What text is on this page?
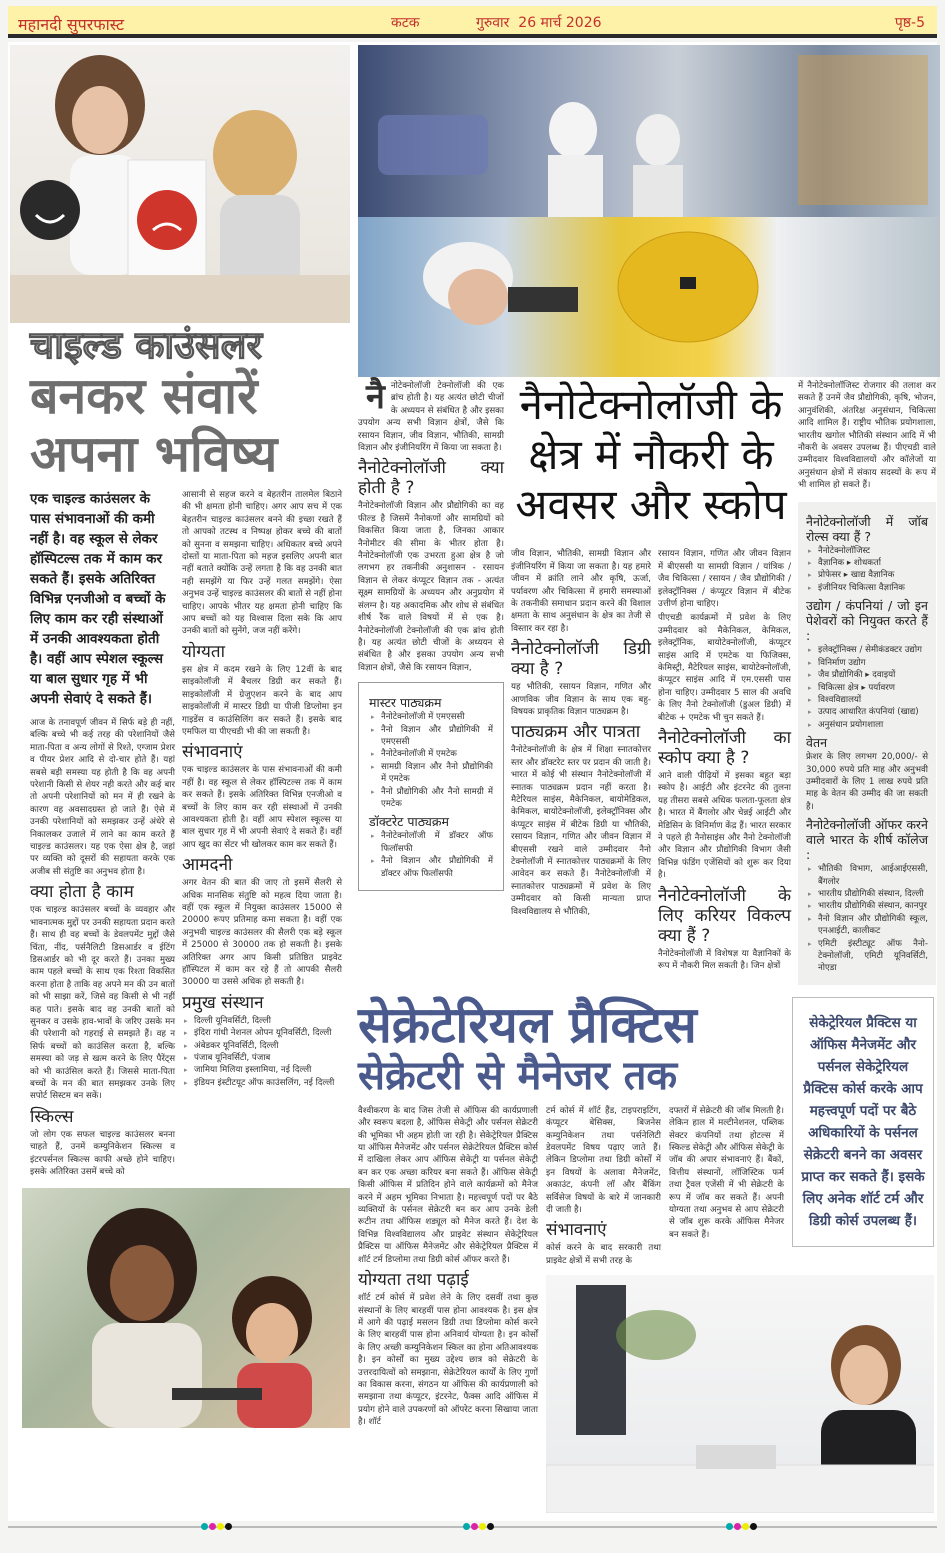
महानदी सुपरफास्ट	कटक	गुरुवार  26 मार्च 2026	पृष्ठ-5
चाइल्ड काउंसलर
बनकर संवारें
अपना भविष्य
एक चाइल्ड काउंसलर के पास संभावनाओं की कमी नहीं है। वह स्कूल से लेकर हॉस्पिटल्स तक में काम कर सकते हैं। इसके अतिरिक्त विभिन्न एनजीओ व बच्चों के लिए काम कर रही संस्थाओं में उनकी आवश्यकता होती है। वहीं आप स्पेशल स्कूल्स या बाल सुधार गृह में भी अपनी सेवाएं दे सकते हैं।

आज के तनावपूर्ण जीवन में सिर्फ बड़े ही नहीं, बल्कि बच्चे भी कई तरह की परेशानियों जैसे माता-पिता व अन्य लोगों से रिश्ते, एग्जाम प्रेशर व पीयर प्रेशर आदि से दो-चार होते हैं। यहां सबसे बड़ी समस्या यह होती है कि वह अपनी परेशानी किसी से शेयर नही करते और कई बार तो अपनी परेशानियों को मन में ही रखने के कारण वह अवसादग्रस्त हो जाते हैं। ऐसे में उनकी परेशानियों को समझकर उन्हें अंधेरे से निकालकर उजाले में लाने का काम करते हैं चाइल्ड काउंसलर। यह एक ऐसा क्षेत्र है, जहां पर व्यक्ति को दूसरों की सहायता करके एक अजीब सी संतुष्टि का अनुभव होता है।

क्या होता है काम

एक चाइल्ड काउंसलर बच्चों के व्यवहार और भावनात्मक मुद्दों पर उनकी सहायता प्रदान करते हैं। साथ ही वह बच्चों के डेवलपमेंट मुद्दों जैसे चिंता, नींद, पर्सनैलिटी डिसआर्डर व ईटिंग डिसआर्डर को भी दूर करते हैं। उनका मुख्य काम पहले बच्चों के साथ एक रिश्ता विकसित करना होता है ताकि वह अपने मन की उन बातों को भी साझा करें, जिसे वह किसी से भी नहीं कह पाते। इसके बाद वह उनकी बातों को सुनकर व उसके हाव-भावों के जरिए उसके मन की परेशानी को गहराई से समझते हैं। वह न सिर्फ बच्चों को काउंसिल करता है, बल्कि समस्या को जड़ से खत्म करने के लिए पैरेंट्स को भी काउंसिल करते हैं। जिससे माता-पिता बच्चों के मन की बात समझकर उनके लिए सपोर्ट सिस्टम बन सकें।

स्किल्स

जो लोग एक सफल चाइल्ड काउंसलर बनना चाहते हैं, उनमें कम्युनिकेशन स्किल्स व इंटरपर्सनल स्किल्स काफी अच्छे होने चाहिए। इसके अतिरिक्त उसमें बच्चे को

आसानी से सहज करने व बेहतरीन तालमेल बिठाने की भी क्षमता होनी चाहिए। अगर आप सच में एक बेहतरीन चाइल्ड काउंसलर बनने की इच्छा रखते हैं तो आपको तटस्थ व निष्पक्ष होकर बच्चे की बातों को सुनना व समझना चाहिए। अधिकतर बच्चे अपने दोस्तों या माता-पिता को महज इसलिए अपनी बात नहीं बताते क्योंकि उन्हें लगता है कि वह उनकी बात नही समझेंगे या फिर उन्हें गलत समझेंगे। ऐसा अनुभव उन्हें चाइल्ड काउंसलर की बातों से नहीं होना चाहिए। आपके भीतर यह क्षमता होनी चाहिए कि आप बच्चों को यह विश्वास दिला सके कि आप उनकी बातों को सुनेंगे, जज नहीं करेंगे।

योग्यता

इस क्षेत्र में कदम रखने के लिए 12वीं के बाद साइकोलॉजी में बैचलर डिग्री कर सकते हैं। साइकोलॉजी में ग्रेजुएशन करने के बाद आप साइकोलॉजी में मास्टर डिग्री या पीजी डिप्लोमा इन गाइडेंस व काउंसिलिंग कर सकते हैं। इसके बाद एमफिल या पीएचडी भी की जा सकती है।

संभावनाएं

एक चाइल्ड काउंसलर के पास संभावनाओं की कमी नहीं है। वह स्कूल से लेकर हॉस्पिटल्स तक में काम कर सकते हैं। इसके अतिरिक्त विभिन्न एनजीओ व बच्चों के लिए काम कर रही संस्थाओं में उनकी आवश्यकता होती है। वहीं आप स्पेशल स्कूल्स या बाल सुधार गृह में भी अपनी सेवाएं दे सकते हैं। वहीं आप खुद का सेंटर भी खोलकर काम कर सकते हैं।

आमदनी

अगर वेतन की बात की जाए तो इसमें सैलरी से अधिक मानसिक संतुष्टि को महत्व दिया जाता है। वहीं एक स्कूल में नियुक्त काउंसलर 15000 से 20000 रूपए प्रतिमाह कमा सकता है। वहीं एक अनुभवी चाइल्ड काउंसलर की सैलरी एक बड़े स्कूल में 25000 से 30000 तक हो सकती है। इसके अतिरिक्त अगर आप किसी प्रतिष्ठित प्राइवेट हॉस्पिटल में काम कर रहे हैं तो आपकी सैलरी 30000 या उससे अधिक हो सकती है।

प्रमुख संस्थान
▸ दिल्ली यूनिवर्सिटी, दिल्ली
▸ इंदिरा गांधी नेशनल ओपन यूनिवर्सिटी, दिल्ली
▸ अंबेडकर यूनिवर्सिटी, दिल्ली
▸ पंजाब यूनिवर्सिटी, पंजाब
▸ जामिया मिलिया इस्लामिया, नई दिल्ली
▸ इंडियन इंस्टीटयूट ऑफ काउंसलिंग, नई दिल्ली

नैनोटेक्नोलॉजी टेक्नोलॉजी की एक ब्रांच होती है। यह अत्यंत छोटी चीजों के अध्ययन से संबंधित है और इसका उपयोग अन्य सभी विज्ञान क्षेत्रों, जैसे कि रसायन विज्ञान, जीव विज्ञान, भौतिकी, सामग्री विज्ञान और इंजीनियरिंग में किया जा सकता है।

नैनोटेक्नोलॉजी क्या होती है ?

नैनोटेक्नोलॉजी विज्ञान और प्रौद्योगिकी का वह फील्ड है जिसमें नैनोकणों और सामग्रियों को विकसित किया जाता है, जिनका आकार नैनोमीटर की सीमा के भीतर होता है। नैनोटेक्नोलॉजी एक उभरता हुआ क्षेत्र है जो लगभग हर तकनीकी अनुशासन - रसायन विज्ञान से लेकर कंप्यूटर विज्ञान तक - अत्यंत सूक्ष्म सामग्रियों के अध्ययन और अनुप्रयोग में संलग्न है। यह अकादमिक और शोध से संबंधित शीर्ष रैंक वाले विषयों में से एक है। नैनोटेक्नोलॉजी टेक्नोलॉजी की एक ब्रांच होती है। यह अत्यंत छोटी चीजों के अध्ययन से संबंधित है और इसका उपयोग अन्य सभी विज्ञान क्षेत्रों, जैसे कि रसायन विज्ञान,

मास्टर पाठ्यक्रम
▸ नैनोटेक्नोलॉजी में एमएससी
▸ नैनो विज्ञान और प्रौद्योगिकी में एमएससी
▸ नैनोटेक्नोलॉजी में एमटेक
▸ सामग्री विज्ञान और नैनो प्रौद्योगिकी में एमटेक
▸ नैनो प्रौद्योगिकी और नैनो सामग्री में एमटेक
डॉक्टरेट पाठ्यक्रम
▸ नैनोटेक्नोलॉजी में डॉक्टर ऑफ फिलॉसफी
▸ नैनो विज्ञान और प्रौद्योगिकी में डॉक्टर ऑफ फिलॉसफी
नैनोटेक्नोलॉजी के
क्षेत्र में नौकरी के
अवसर और स्कोप

जीव विज्ञान, भौतिकी, सामग्री विज्ञान और इंजीनियरिंग में किया जा सकता है। यह हमारे जीवन में क्रांति लाने और कृषि, ऊर्जा, पर्यावरण और चिकित्सा में हमारी समस्याओं के तकनीकी समाधान प्रदान करने की विशाल क्षमता के साथ अनुसंधान के क्षेत्र का तेजी से विस्तार कर रहा है।

नैनोटेक्नोलॉजी डिग्री क्या है ?

यह भौतिकी, रसायन विज्ञान, गणित और आणविक जीव विज्ञान के साथ एक बहु-विषयक प्राकृतिक विज्ञान पाठ्यक्रम है।

पाठ्यक्रम और पात्रता

नैनोटेक्नोलॉजी के क्षेत्र में शिक्षा स्नातकोत्तर स्तर और डॉक्टरेट स्तर पर प्रदान की जाती है। भारत में कोई भी संस्थान नैनोटेक्नोलॉजी में स्नातक पाठ्यक्रम प्रदान नहीं करता है। मैटेरियल साइंस, मैकेनिकल, बायोमेडिकल, केमिकल, बायोटेक्नोलॉजी, इलेक्ट्रॉनिक्स और कंप्यूटर साइंस में बीटेक डिग्री या भौतिकी, रसायन विज्ञान, गणित और जीवन विज्ञान में बीएससी रखने वाले उम्मीदवार नैनो टेक्नोलॉजी में स्नातकोत्तर पाठ्यक्रमों के लिए आवेदन कर सकते हैं। नैनोटेक्नोलॉजी में स्नातकोत्तर पाठ्यक्रमों में प्रवेश के लिए उम्मीदवार को किसी मान्यता प्राप्त विश्वविद्यालय से भौतिकी,

रसायन विज्ञान, गणित और जीवन विज्ञान में बीएससी या सामग्री विज्ञान / यांत्रिक / जैव चिकित्सा / रसायन / जैव प्रौद्योगिकी / इलेक्ट्रॉनिक्स / कंप्यूटर विज्ञान में बीटेक उत्तीर्ण होना चाहिए।

पीएचडी कार्यक्रमों में प्रवेश के लिए उम्मीदवार को मैकेनिकल, केमिकल, इलेक्ट्रॉनिक, बायोटेक्नोलॉजी, कंप्यूटर साइंस आदि में एमटेक या फिजिक्स, केमिस्ट्री, मैटेरियल साइंस, बायोटेक्नोलॉजी, कंप्यूटर साइंस आदि में एम.एससी पास होना चाहिए। उम्मीदवार 5 साल की अवधि के लिए नैनो टेक्नोलॉजी (डुअल डिग्री) में बीटेक + एमटेक भी चुन सकते हैं।

नैनोटेक्नोलॉजी का स्कोप क्या है ?

आने वाली पीढ़ियों में इसका बहुत बड़ा स्कोप है। आईटी और इंटरनेट की तुलना यह तीसरा सबसे अधिक फलता-फूलता क्षेत्र है। भारत में बैंगलोर और चेन्नई आईटी और मेडिसिन के विनिर्माण केंद्र हैं। भारत सरकार ने पहले ही नैनोसाइंस और नैनो टेक्नोलॉजी और विज्ञान और प्रौद्योगिकी विभाग जैसी विभिन्न फंडिंग एजेंसियों को शुरू कर दिया है।

नैनोटेक्नोलॉजी के लिए करियर विकल्प क्या हैं ?

नैनोटेक्नोलॉजी में विशेषज्ञ या वैज्ञानिकों के रूप में नौकरी मिल सकती है। जिन क्षेत्रों

में नैनोटेक्नोलॉजिस्ट रोजगार की तलाश कर सकते हैं उनमें जैव प्रौद्योगिकी, कृषि, भोजन, आनुवंशिकी, अंतरिक्ष अनुसंधान, चिकित्सा आदि शामिल हैं। राष्ट्रीय भौतिक प्रयोगशाला, भारतीय खगोल भौतिकी संस्थान आदि में भी नौकरी के अवसर उपलब्ध हैं। पीएचडी वाले उम्मीदवार विश्वविद्यालयों और कॉलेजों या अनुसंधान क्षेत्रों में संकाय सदस्यों के रूप में भी शामिल हो सकते हैं।

नैनोटेक्नोलॉजी में जॉब रोल्स क्या हैं ?
▸ नैनोटेक्नोलॉजिस्ट
▸ वैज्ञानिक ▸ शोधकर्ता
▸ प्रोफेसर ▸ खाद्य वैज्ञानिक
▸ इंजीनियर चिकित्सा वैज्ञानिक
उद्योग / कंपनियां / जो इन पेशेवरों को नियुक्त करते हैं :
▸ इलेक्ट्रॉनिक्स / सेमीकंडक्टर उद्योग
▸ विनिर्माण उद्योग
▸ जैव प्रौद्योगिकी ▸ दवाइयों
▸ चिकित्सा क्षेत्र ▸ पर्यावरण
▸ विश्वविद्यालयों
▸ उत्पाद आधारित कंपनियां (खाद्य)
▸ अनुसंधान प्रयोगशाला
वेतन

फ्रेशर के लिए लगभग 20,000/- से 30,000 रुपये प्रति माह और अनुभवी उम्मीदवारों के लिए 1 लाख रुपये प्रति माह के वेतन की उम्मीद की जा सकती है।

नैनोटेक्नोलॉजी ऑफर करने वाले भारत के शीर्ष कॉलेज :
▸ भौतिकी विभाग, आईआईएससी, बैंगलोर
▸ भारतीय प्रौद्योगिकी संस्थान, दिल्ली
▸ भारतीय प्रौद्योगिकी संस्थान, कानपुर
▸ नैनो विज्ञान और प्रौद्योगिकी स्कूल, एनआईटी, कालीकट
▸ एमिटी इंस्टीट्यूट ऑफ नैनो-टेक्नोलॉजी, एमिटी यूनिवर्सिटी, नोएडा
सेक्रेटेरियल प्रैक्टिस
सेक्रेटरी से मैनेजर तक
सेकेट्रेरियल प्रैक्टिस या ऑफिस मैनेजमेंट और पर्सनल सेकेट्रेरियल प्रैक्टिस कोर्स करके आप महत्त्वपूर्ण पदों पर बैठे अधिकारियों के पर्सनल सेक्रेटरी बनने का अवसर प्राप्त कर सकते हैं। इसके लिए अनेक शॉर्ट टर्म और डिग्री कोर्स उपलब्ध हैं।

वैश्वीकरण के बाद जिस तेजी से ऑफिस की कार्यप्रणाली और स्वरूप बदला है, ऑफिस सेकेट्री और पर्सनल सेक्रेटरी की भूमिका भी अहम होती जा रही है। सेकेट्रेरियल प्रैक्टिस या ऑफिस मैनेजमेंट और पर्सनल सेक्रेटेरियल प्रैक्टिस कोर्स में दाखिला लेकर आप ऑफिस सेकेट्री या पर्सनल सेकेट्री बन कर एक अच्छा करियर बना सकते हैं। ऑफिस सेकेट्री किसी ऑफिस में प्रतिदिन होने वाले कार्यक्रमों को मैनेज करने में अहम भूमिका निभाता है। महत्त्वपूर्ण पदों पर बैठे व्यक्तियों के पर्सनल सेक्रेटरी बन कर आप उनके डेली रूटीन तथा ऑफिस शड्यूल को मैनेज करते हैं। देश के विभिन्न विश्वविद्यालय और प्राइवेट संस्थान सेकेट्रेरियल प्रैक्टिस या ऑफिस मैनेजमेंट और सेकेट्रेरियल प्रैक्टिस में शॉर्ट टर्म डिप्लोमा तथा डिग्री कोर्स ऑफर करते हैं।

योग्यता तथा पढ़ाई

शॉर्ट टर्म कोर्स में प्रवेश लेने के लिए दसवीं तथा कुछ संस्थानों के लिए बारहवीं पास होना आवश्यक है। इस क्षेत्र में आगे की पढ़ाई मसलन डिग्री तथा डिप्लोमा कोर्स करने के लिए बारहवीं पास होना अनिवार्य योग्यता है। इन कोर्सों के लिए अच्छी कम्युनिकेशन स्किल का होना अतिआवश्यक है। इन कोर्सों का मुख्य उद्देश्य छात्र को सेक्रेटरी के उत्तरदायित्वों को समझाना, सेक्रेटेरियल कार्यों के लिए गुणों का विकास करना, संगठन या ऑफिस की कार्यप्रणाली को समझाना तथा कंप्यूटर, इंटरनेट, फैक्स आदि ऑफिस में प्रयोग होने वाले उपकरणों को ऑपरेट करना सिखाया जाता है। शॉर्ट

टर्म कोर्स में शॉर्ट हैंड, टाइपराइटिंग, कंप्यूटर बेसिक्स, बिजनेस कम्युनिकेशन तथा पर्सनेलिटी डेवलपमेंट विषय पढ़ाए जाते हैं। लेकिन डिप्लोमा तथा डिग्री कोर्सों में इन विषयों के अलावा मैनेजमेंट, अकाउंट, कंपनी लॉ और बैंकिंग सर्विसेज विषयों के बारे में जानकारी दी जाती है।

संभावनाएं

कोर्स करने के बाद सरकारी तथा प्राइवेट क्षेत्रों में सभी तरह के

दफ्तरों में सेक्रेटरी की जॉब मिलती है। लेकिन हाल में मल्टीनेशनल, पब्लिक सेक्टर कंपनियों तथा होटल्स में स्किल्ड सेकेट्री और ऑफिस सेकेट्री के जॉब की अपार संभावनाएं हैं। बैंकों, वित्तीय संस्थानों, लॉजिस्टिक फर्म तथा ट्रैवल एजेंसी में भी सेक्रेटरी के रूप में जॉब कर सकते हैं। अपनी योग्यता तथा अनुभव से आप सेक्रेटरी से जॉब शुरू करके ऑफिस मैनेजर बन सकते हैं।
